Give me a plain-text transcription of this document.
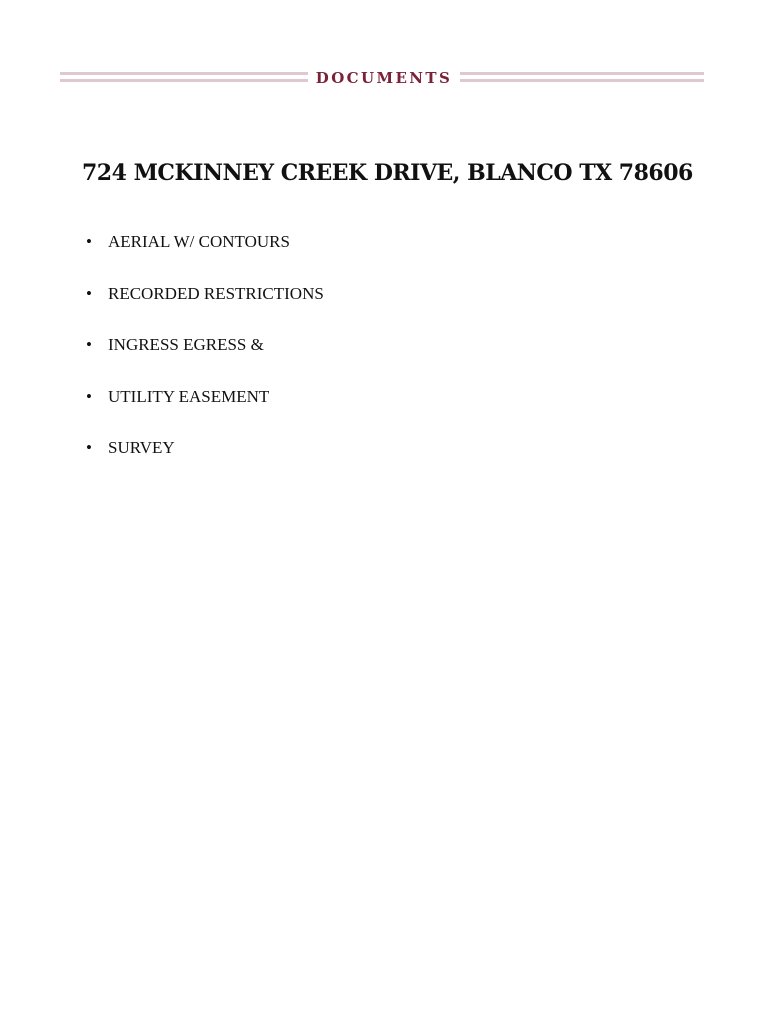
DOCUMENTS
724 MCKINNEY CREEK DRIVE, BLANCO TX 78606
• AERIAL W/ CONTOURS
• RECORDED RESTRICTIONS
• INGRESS EGRESS &
• UTILITY EASEMENT
• SURVEY
